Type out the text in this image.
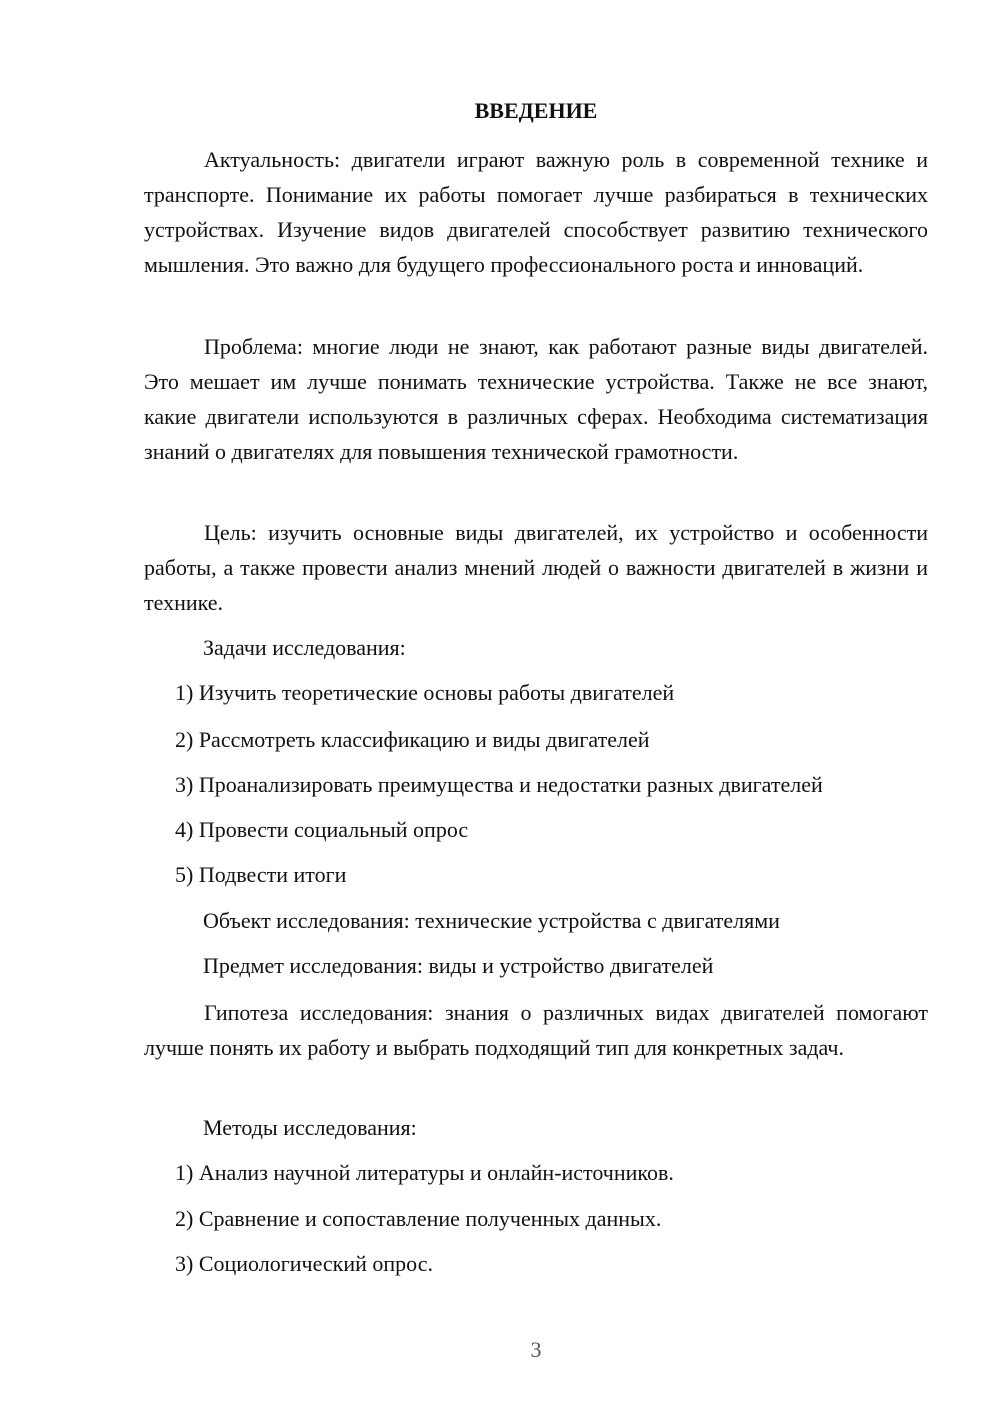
ВВЕДЕНИЕ

Актуальность: двигатели играют важную роль в современной технике и транспорте. Понимание их работы помогает лучше разбираться в технических устройствах. Изучение видов двигателей способствует развитию технического мышления. Это важно для будущего профессионального роста и инноваций.

Проблема: многие люди не знают, как работают разные виды двигателей. Это мешает им лучше понимать технические устройства. Также не все знают, какие двигатели используются в различных сферах. Необходима систематизация знаний о двигателях для повышения технической грамотности.

Цель: изучить основные виды двигателей, их устройство и особенности работы, а также провести анализ мнений людей о важности двигателей в жизни и технике.

Задачи исследования:

1) Изучить теоретические основы работы двигателей

2) Рассмотреть классификацию и виды двигателей

3) Проанализировать преимущества и недостатки разных двигателей

4) Провести социальный опрос

5) Подвести итоги

Объект исследования: технические устройства с двигателями

Предмет исследования: виды и устройство двигателей

Гипотеза исследования: знания о различных видах двигателей помогают лучше понять их работу и выбрать подходящий тип для конкретных задач.

Методы исследования:

1) Анализ научной литературы и онлайн-источников.

2) Сравнение и сопоставление полученных данных.

3) Социологический опрос.

3
